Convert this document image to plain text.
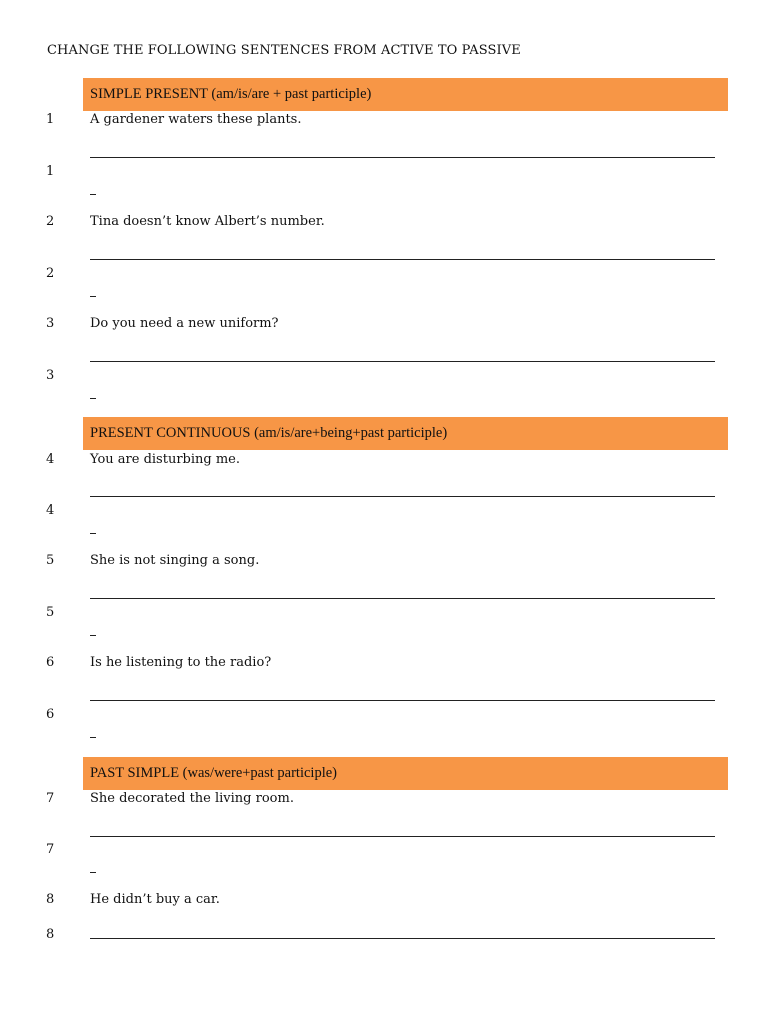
CHANGE THE FOLLOWING SENTENCES FROM ACTIVE TO PASSIVE
SIMPLE PRESENT (am/is/are + past participle)
1	A gardener waters these plants.
1
2	Tina doesn’t know Albert’s number.
2
3	Do you need a new uniform?
3
PRESENT CONTINUOUS (am/is/are+being+past participle)
4	You are disturbing me.
4
5	She is not singing a song.
5
6	Is he listening to the radio?
6
PAST SIMPLE (was/were+past participle)
7	She decorated the living room.
7
8	He didn’t buy a car.
8
